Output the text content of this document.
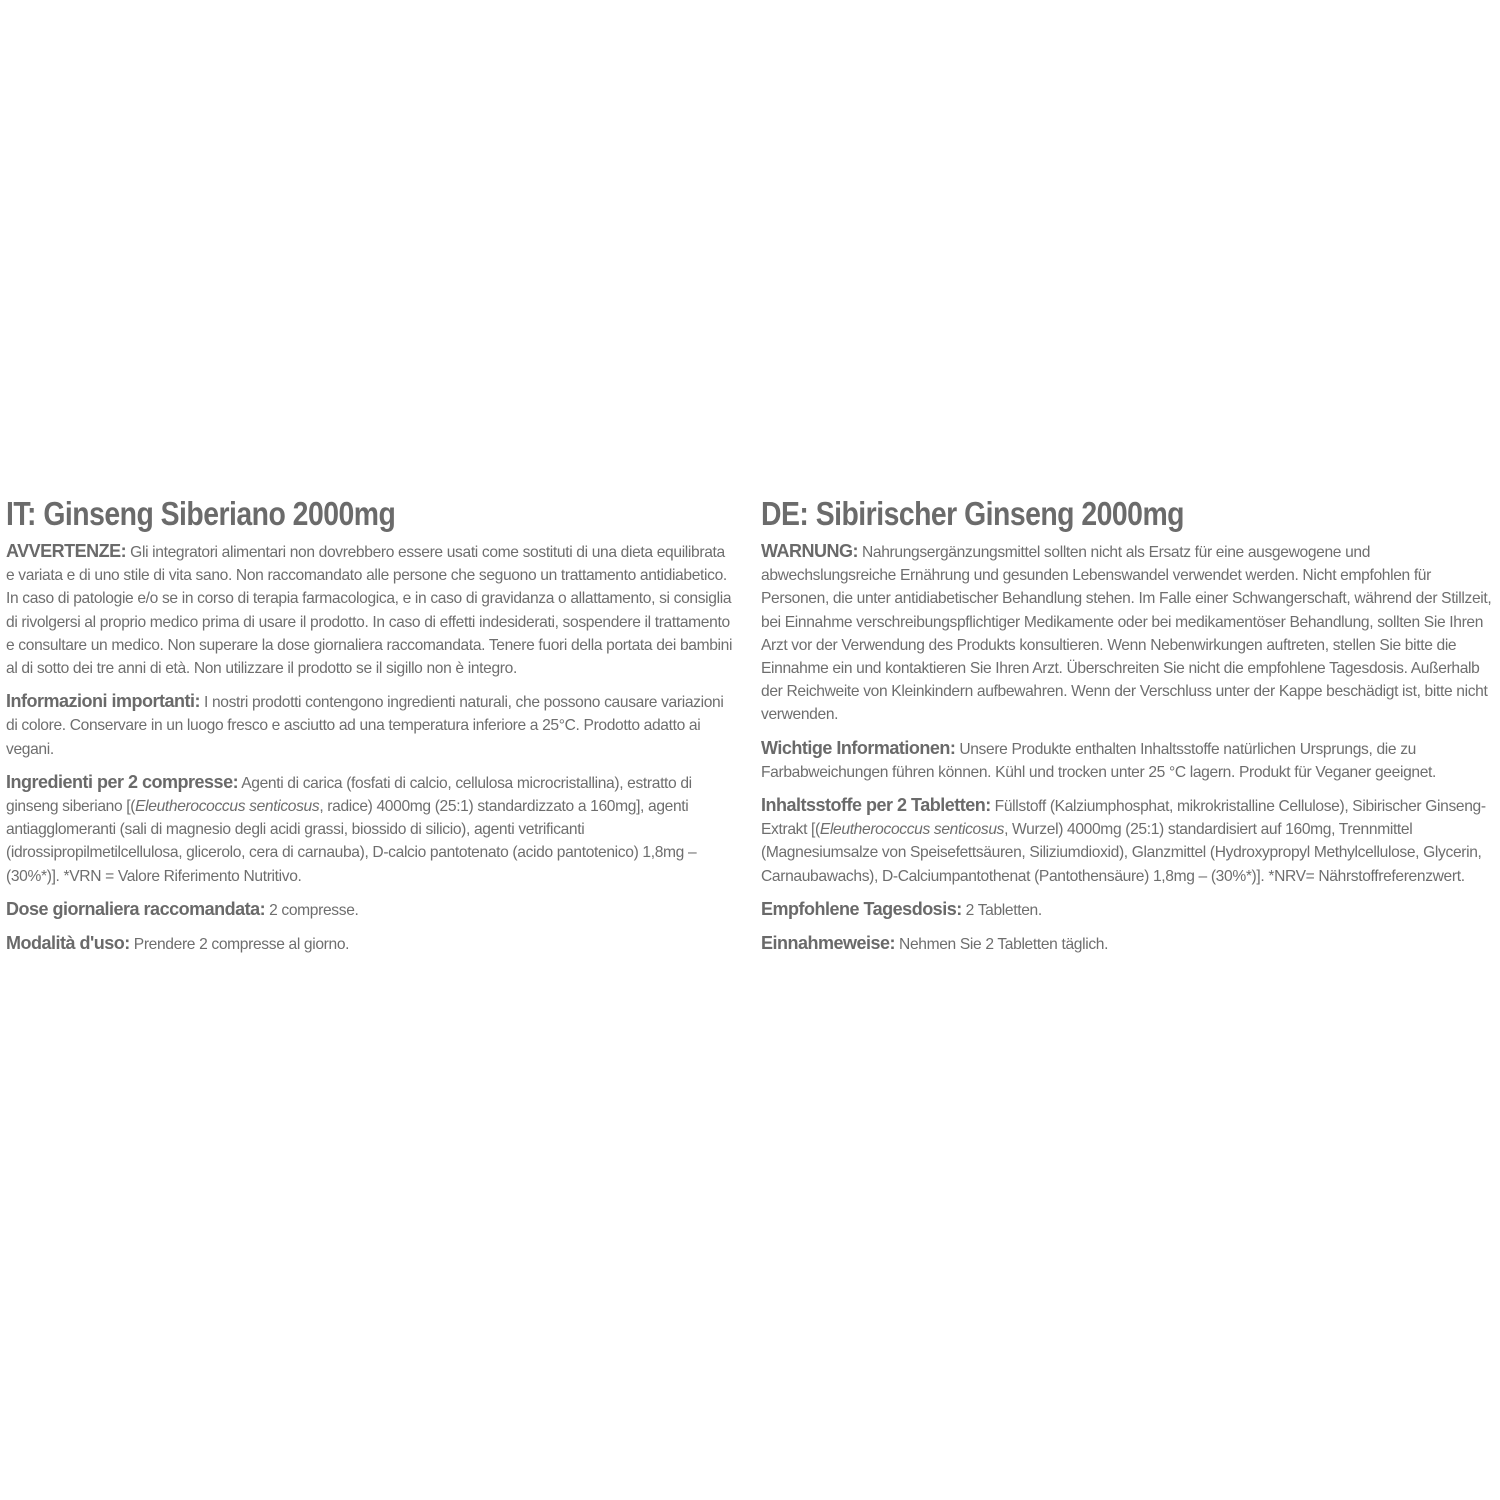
IT: Ginseng Siberiano 2000mg

AVVERTENZE: Gli integratori alimentari non dovrebbero essere usati come sostituti di una dieta equilibrata e variata e di uno stile di vita sano. Non raccomandato alle persone che seguono un trattamento antidiabetico. In caso di patologie e/o se in corso di terapia farmacologica, e in caso di gravidanza o allattamento, si consiglia di rivolgersi al proprio medico prima di usare il prodotto. In caso di effetti indesiderati, sospendere il trattamento e consultare un medico. Non superare la dose giornaliera raccomandata. Tenere fuori della portata dei bambini al di sotto dei tre anni di età. Non utilizzare il prodotto se il sigillo non è integro.

Informazioni importanti: I nostri prodotti contengono ingredienti naturali, che possono causare variazioni di colore. Conservare in un luogo fresco e asciutto ad una temperatura inferiore a 25°C. Prodotto adatto ai vegani.

Ingredienti per 2 compresse: Agenti di carica (fosfati di calcio, cellulosa microcristallina), estratto di ginseng siberiano [(Eleutherococcus senticosus, radice) 4000mg (25:1) standardizzato a 160mg], agenti antiagglomeranti (sali di magnesio degli acidi grassi, biossido di silicio), agenti vetrificanti (idrossipropilmetilcellulosa, glicerolo, cera di carnauba), D-calcio pantotenato (acido pantotenico) 1,8mg – (30%*)]. *VRN = Valore Riferimento Nutritivo.

Dose giornaliera raccomandata: 2 compresse.

Modalità d'uso: Prendere 2 compresse al giorno.

DE: Sibirischer Ginseng 2000mg

WARNUNG: Nahrungsergänzungsmittel sollten nicht als Ersatz für eine ausgewogene und abwechslungsreiche Ernährung und gesunden Lebenswandel verwendet werden. Nicht empfohlen für Personen, die unter antidiabetischer Behandlung stehen. Im Falle einer Schwangerschaft, während der Stillzeit, bei Einnahme verschreibungspflichtiger Medikamente oder bei medikamentöser Behandlung, sollten Sie Ihren Arzt vor der Verwendung des Produkts konsultieren. Wenn Nebenwirkungen auftreten, stellen Sie bitte die Einnahme ein und kontaktieren Sie Ihren Arzt. Überschreiten Sie nicht die empfohlene Tagesdosis. Außerhalb der Reichweite von Kleinkindern aufbewahren. Wenn der Verschluss unter der Kappe beschädigt ist, bitte nicht verwenden.

Wichtige Informationen: Unsere Produkte enthalten Inhaltsstoffe natürlichen Ursprungs, die zu Farbabweichungen führen können. Kühl und trocken unter 25 °C lagern. Produkt für Veganer geeignet.

Inhaltsstoffe per 2 Tabletten: Füllstoff (Kalziumphosphat, mikrokristalline Cellulose), Sibirischer Ginseng-Extrakt [(Eleutherococcus senticosus, Wurzel) 4000mg (25:1) standardisiert auf 160mg, Trennmittel (Magnesiumsalze von Speisefettsäuren, Siliziumdioxid), Glanzmittel (Hydroxypropyl Methylcellulose, Glycerin, Carnaubawachs), D-Calciumpantothenat (Pantothensäure) 1,8mg – (30%*)]. *NRV= Nährstoffreferenzwert.

Empfohlene Tagesdosis: 2 Tabletten.

Einnahmeweise: Nehmen Sie 2 Tabletten täglich.
